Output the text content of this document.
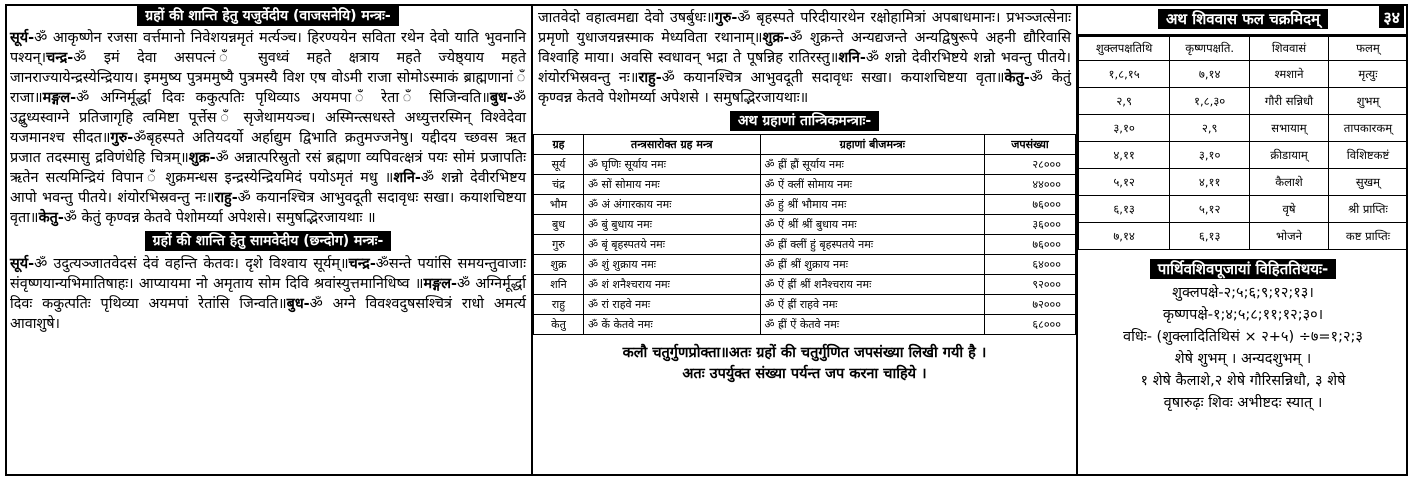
ग्रहों की शान्ति हेतु यजुर्वेदीय (वाजसनेयि) मन्त्रः-
सूर्य-ॐ आकृष्णेन रजसा वर्त्तमानो निवेशयन्नमृतं मर्त्यञ्च। हिरण्ययेन सविता रथेन देवो याति भुवनानि पश्यन्।चन्द्र-ॐ इमं देवा असपत्नं ँ सुवध्वं महते क्षत्राय महते ज्येष्ठ्याय महते जानराज्यायेन्द्रस्येन्द्रियाय। इममुष्य पुत्रममुष्यै पुत्रमस्यै विश एष वोऽमी राजा सोमोऽस्माकं ब्राह्मणानां ँ राजा॥मङ्गल-ॐ अग्निर्मूर्द्धा दिवः ककुत्पतिः पृथिव्याऽ अयमपा ँ रेता ँ सिजिन्वति॥बुध-ॐ उद्बुध्यस्वाग्ने प्रतिजागृहि त्वमिष्टा पूर्त्तेस ँ सृजेथामयञ्च। अस्मिन्त्सधस्ते अध्युत्तरस्मिन् विश्वेदेवा यजमानश्च सीदत॥गुरु-ॐबृहस्पते अतियदर्यो अर्हाद्युम द्विभाति क्रतुमज्जनेषु। यद्दीदय च्छवस ऋत प्रजात तदस्मासु द्रविणंधेहि चित्रम्॥शुक्र-ॐ अन्नात्परिस्रुतो रसं ब्रह्मणा व्यपिवत्क्षत्रं पयः सोमं प्रजापतिः ऋतेन सत्यमिन्द्रियं विपान ँ शुक्रमन्धस इन्द्रस्येन्द्रियमिदं पयोऽमृतं मधु ॥शनि-ॐ शन्नो देवीरभिष्टय आपो भवन्तु पीतये। शंयोरभिस्रवन्तु नः॥राहु-ॐ कयानश्चित्र आभुवदूती सदावृधः सखा। कयाशचिष्टया वृता॥केतु-ॐ केतुं कृण्वन्न केतवे पेशोमर्य्या अपेशसे। समुषद्भिरजायथाः ॥
ग्रहों की शान्ति हेतु सामवेदीय (छन्दोग) मन्त्रः-
सूर्य-ॐ उदुत्यञ्जातवेदसं देवं वहन्ति केतवः। दृशे विश्वाय सूर्यम्॥चन्द्र-ॐसन्ते पयांसि समयन्तुवाजाः संवृष्णयान्यभिमातिषाहः। आप्यायमा नो अमृताय सोम दिवि श्रवांस्युत्तमानिधिष्व ॥मङ्गल-ॐ अग्निर्मूर्द्धा दिवः ककुत्पतिः पृथिव्या अयमपां रेतांसि जिन्वति॥बुध-ॐ अग्ने विवश्वदुषसश्चित्रं राधो अमर्त्य आवाशुषे।
जातवेदो वहात्वमद्या देवो उषर्बुधः॥गुरु-ॐ बृहस्पते परिदीयारथेन रक्षोहामित्रां अपबाधमानः। प्रभञ्जत्सेनाः प्रमृणो युधाजयन्नस्माक मेध्यविता रथानाम्॥शुक्र-ॐ शुक्रन्ते अन्यद्यजन्ते अन्यद्विषुरूपे अहनी द्यौरिवासि विश्वाहि माया। अवसि स्वधावन् भद्रा ते पूषन्निह रातिरस्तु॥शनि-ॐ शन्नो देवीरभिष्टये शन्नो भवन्तु पीतये। शंयोरभिस्रवन्तु नः॥राहु-ॐ कयानश्चित्र आभुवदूती सदावृधः सखा। कयाशचिष्टया वृता॥केतु-ॐ केतुं कृण्वन्न केतवे पेशोमर्य्या अपेशसे । समुषद्भिरजायथाः॥
अथ ग्रहाणां तान्त्रिकमन्त्राः-
ग्रह	तन्त्रसारोक्त ग्रह मन्त्र	ग्रहाणां बीजमन्त्रः	जपसंख्या
सूर्य	ॐ घृणिः सूर्याय नमः	ॐ ह्रीं ह्रौं सूर्याय नमः	२८०००
चंद्र	ॐ सों सोमाय नमः	ॐ ऐं क्लीं सोमाय नमः	४४०००
भौम	ॐ अं अंगारकाय नमः	ॐ हुं श्रीं भौमाय नमः	७६०००
बुध	ॐ बुं बुधाय नमः	ॐ ऐं श्रीं श्रीं बुधाय नमः	३६०००
गुरु	ॐ बृं बृहस्पतये नमः	ॐ ह्रीं क्लीं हुं बृहस्पतये नमः	७६०००
शुक्र	ॐ शुं शुक्राय नमः	ॐ ह्रीं श्रीं शुक्राय नमः	६४०००
शनि	ॐ शं शनैश्चराय नमः	ॐ ऐं ह्रीं श्रीं शनैश्चराय नमः	९२०००
राहु	ॐ रां राहवे नमः	ॐ ऐं ह्रीं राहवे नमः	७२०००
केतु	ॐ कें केतवे नमः	ॐ ह्रीं ऐं केतवे नमः	६८०००
कलौ चतुर्गुणप्रोक्ता॥अतः ग्रहों की चतुर्गुणित जपसंख्या लिखी गयी है ।
अतः उपर्युक्त संख्या पर्यन्त जप करना चाहिये ।
अथ शिववास फल चक्रमिदम्	३४
शुक्लपक्षतिथि	कृष्णपक्षति.	शिववासं	फलम्
१,८,१५	७,१४	श्मशाने	मृत्युः
२,९	१,८,३०	गौरी सन्निधौ	शुभम्
३,१०	२,९	सभायाम्	तापकारकम्
४,११	३,१०	क्रीडायाम्	विशिष्टकष्टं
५,१२	४,११	कैलाशे	सुखम्
६,१३	५,१२	वृषे	श्री प्राप्तिः
७,१४	६,१३	भोजने	कष्ट प्राप्तिः
पार्थिवशिवपूजायां विहिततिथयः-
शुक्लपक्षे-२;५;६;९;१२;१३।
कृष्णपक्षे-१;४;५;८;११;१२;३०।
वधिः- (शुक्लादितिथिसं × २+५) ÷७=१;२;३
शेषे शुभम् । अन्यदशुभम् ।
१ शेषे कैलाशे,२ शेषे गौरिसन्निधौ, ३ शेषे
वृषारुढ़ः शिवः अभीष्टदः स्यात् ।
